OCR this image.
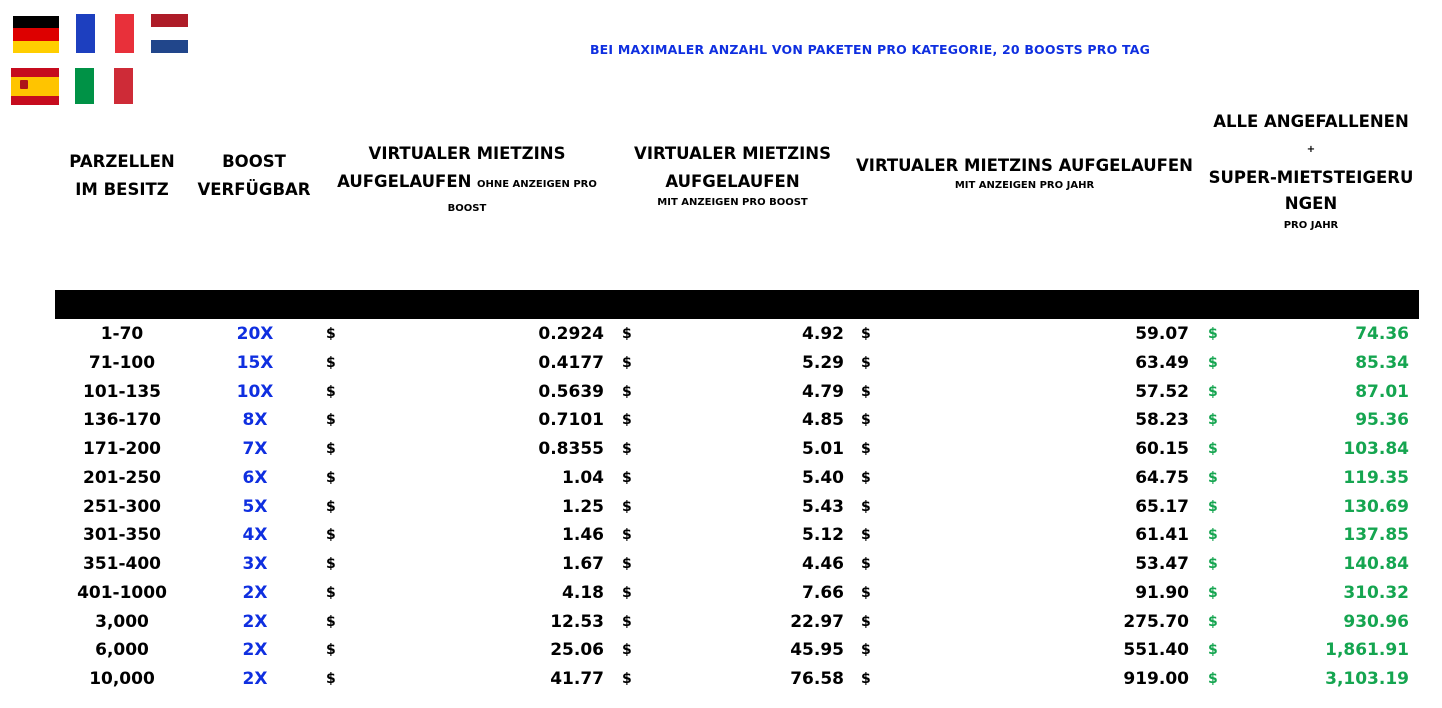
BEI MAXIMALER ANZAHL VON PAKETEN PRO KATEGORIE, 20 BOOSTS PRO TAG
PARZELLEN
IM BESITZ
BOOST
VERFÜGBAR
VIRTUALER MIETZINS
AUFGELAUFEN OHNE ANZEIGEN PRO
BOOST
VIRTUALER MIETZINS
AUFGELAUFEN
MIT ANZEIGEN PRO BOOST
VIRTUALER MIETZINS AUFGELAUFEN
MIT ANZEIGEN PRO JAHR
ALLE ANGEFALLENEN
+
SUPER-MIETSTEIGERU
NGEN
PRO JAHR
1-70	20X	$	0.2924 $	4.92 $	59.07 $	74.36
71-100	15X	$	0.4177 $	5.29 $	63.49 $	85.34
101-135	10X	$	0.5639 $	4.79 $	57.52 $	87.01
136-170	8X	$	0.7101 $	4.85 $	58.23 $	95.36
171-200	7X	$	0.8355 $	5.01 $	60.15 $	103.84
201-250	6X	$	1.04 $	5.40 $	64.75 $	119.35
251-300	5X	$	1.25 $	5.43 $	65.17 $	130.69
301-350	4X	$	1.46 $	5.12 $	61.41 $	137.85
351-400	3X	$	1.67 $	4.46 $	53.47 $	140.84
401-1000	2X	$	4.18 $	7.66 $	91.90 $	310.32
3,000	2X	$	12.53 $	22.97 $	275.70 $	930.96
6,000	2X	$	25.06 $	45.95 $	551.40 $	1,861.91
10,000	2X	$	41.77 $	76.58 $	919.00 $	3,103.19
